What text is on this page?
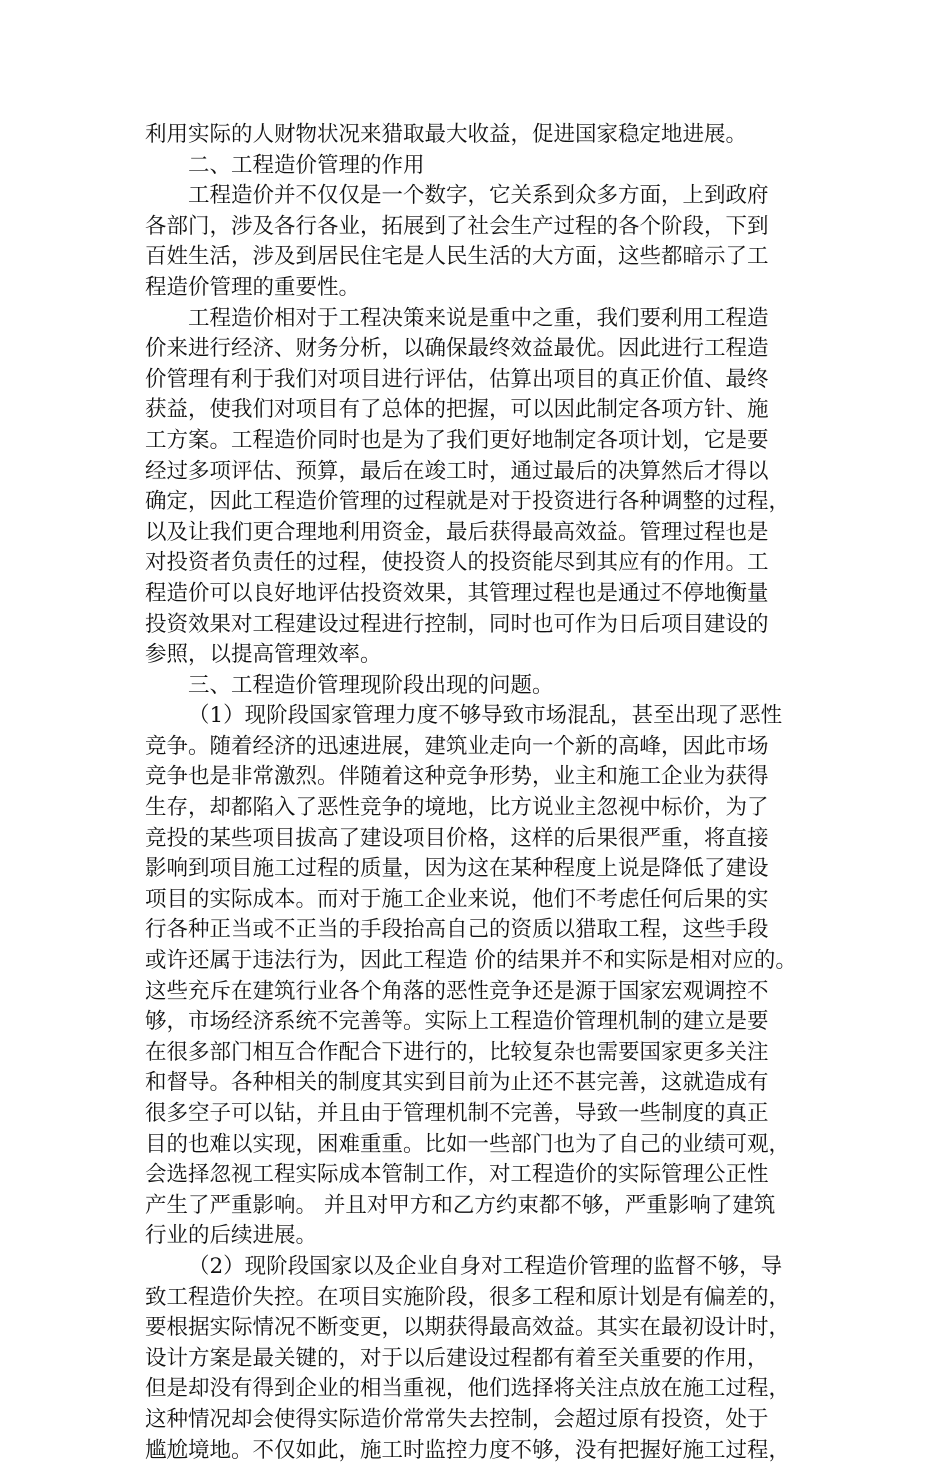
利用实际的人财物状况来猎取最大收益，促进国家稳定地进展。
二、工程造价管理的作用
工程造价并不仅仅是一个数字，它关系到众多方面，上到政府
各部门，涉及各行各业，拓展到了社会生产过程的各个阶段，下到
百姓生活，涉及到居民住宅是人民生活的大方面，这些都暗示了工
程造价管理的重要性。
工程造价相对于工程决策来说是重中之重，我们要利用工程造
价来进行经济、财务分析，以确保最终效益最优。因此进行工程造
价管理有利于我们对项目进行评估，估算出项目的真正价值、最终
获益，使我们对项目有了总体的把握，可以因此制定各项方针、施
工方案。工程造价同时也是为了我们更好地制定各项计划，它是要
经过多项评估、预算，最后在竣工时，通过最后的决算然后才得以
确定，因此工程造价管理的过程就是对于投资进行各种调整的过程，
以及让我们更合理地利用资金，最后获得最高效益。管理过程也是
对投资者负责任的过程，使投资人的投资能尽到其应有的作用。工
程造价可以良好地评估投资效果，其管理过程也是通过不停地衡量
投资效果对工程建设过程进行控制，同时也可作为日后项目建设的
参照，以提高管理效率。
三、工程造价管理现阶段出现的问题。
（1）现阶段国家管理力度不够导致市场混乱，甚至出现了恶性
竞争。随着经济的迅速进展，建筑业走向一个新的高峰，因此市场
竞争也是非常激烈。伴随着这种竞争形势，业主和施工企业为获得
生存，却都陷入了恶性竞争的境地，比方说业主忽视中标价，为了
竞投的某些项目拔高了建设项目价格，这样的后果很严重，将直接
影响到项目施工过程的质量，因为这在某种程度上说是降低了建设
项目的实际成本。而对于施工企业来说，他们不考虑任何后果的实
行各种正当或不正当的手段抬高自己的资质以猎取工程，这些手段
或许还属于违法行为，因此工程造 价的结果并不和实际是相对应的。
这些充斥在建筑行业各个角落的恶性竞争还是源于国家宏观调控不
够，市场经济系统不完善等。实际上工程造价管理机制的建立是要
在很多部门相互合作配合下进行的，比较复杂也需要国家更多关注
和督导。各种相关的制度其实到目前为止还不甚完善，这就造成有
很多空子可以钻，并且由于管理机制不完善，导致一些制度的真正
目的也难以实现，困难重重。比如一些部门也为了自己的业绩可观，
会选择忽视工程实际成本管制工作，对工程造价的实际管理公正性
产生了严重影响。 并且对甲方和乙方约束都不够，严重影响了建筑
行业的后续进展。
（2）现阶段国家以及企业自身对工程造价管理的监督不够，导
致工程造价失控。在项目实施阶段，很多工程和原计划是有偏差的，
要根据实际情况不断变更，以期获得最高效益。其实在最初设计时，
设计方案是最关键的，对于以后建设过程都有着至关重要的作用，
但是却没有得到企业的相当重视，他们选择将关注点放在施工过程，
这种情况却会使得实际造价常常失去控制，会超过原有投资，处于
尴尬境地。不仅如此，施工时监控力度不够，没有把握好施工过程，
